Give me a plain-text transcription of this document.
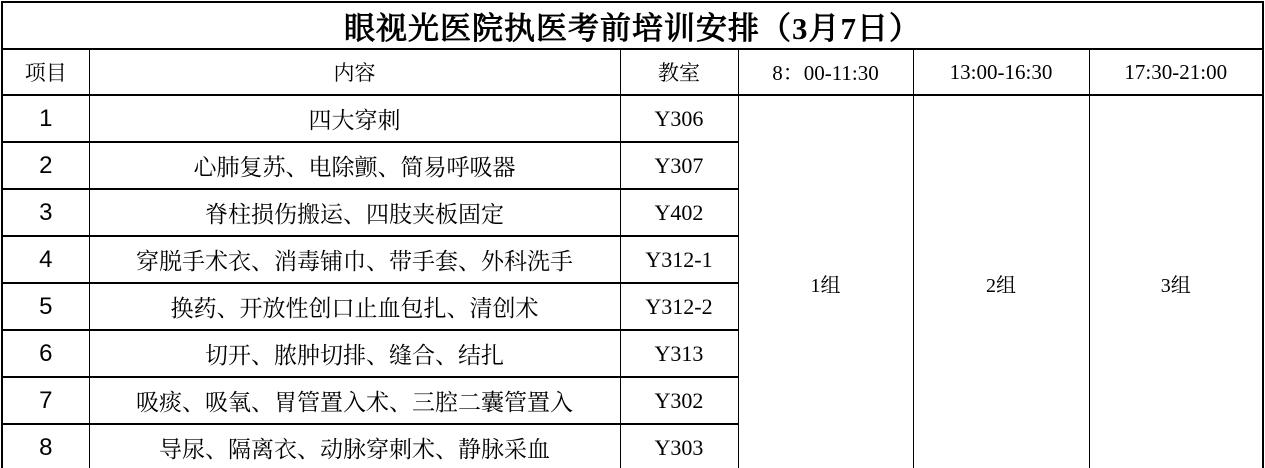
眼视光医院执医考前培训安排（3月7日）					
项目	内容	教室	8：00-11:30	13:00-16:30	17:30-21:00
1	四大穿刺	Y306	1组	2组	3组
2	心肺复苏、电除颤、简易呼吸器	Y307			
3	脊柱损伤搬运、四肢夹板固定	Y402			
4	穿脱手术衣、消毒铺巾、带手套、外科洗手	Y312-1			
5	换药、开放性创口止血包扎、清创术	Y312-2			
6	切开、脓肿切排、缝合、结扎	Y313			
7	吸痰、吸氧、胃管置入术、三腔二囊管置入	Y302			
8	导尿、隔离衣、动脉穿刺术、静脉采血	Y303			
